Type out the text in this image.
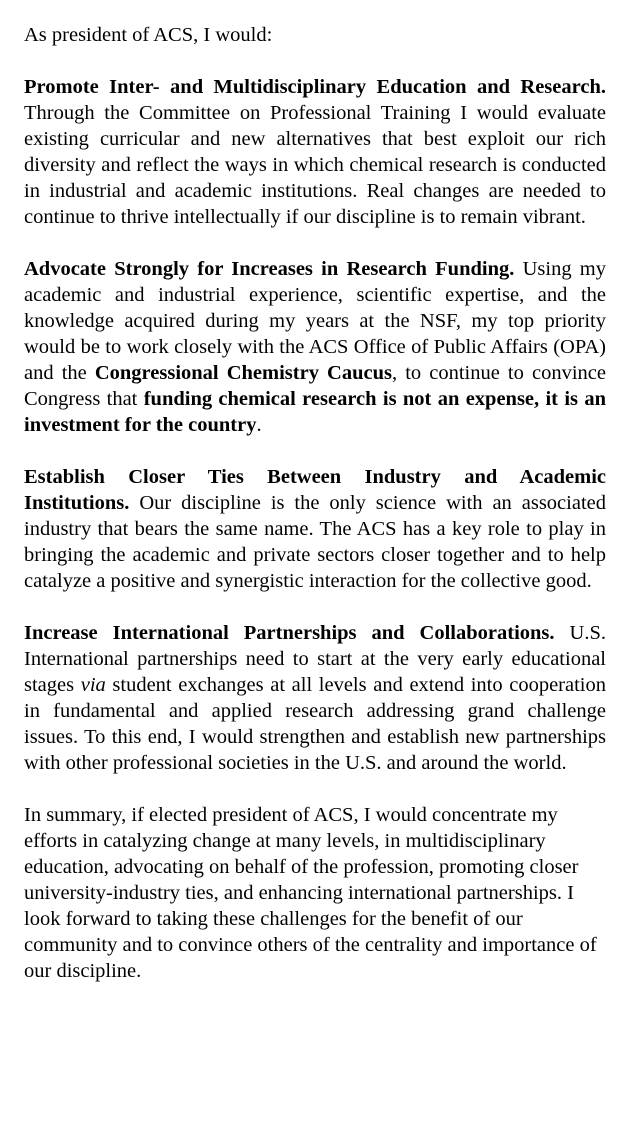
As president of ACS, I would:

Promote Inter- and Multidisciplinary Education and Research. Through the Committee on Professional Training I would evaluate existing curricular and new alternatives that best exploit our rich diversity and reflect the ways in which chemical research is conducted in industrial and academic institutions. Real changes are needed to continue to thrive intellectually if our discipline is to remain vibrant.

Advocate Strongly for Increases in Research Funding. Using my academic and industrial experience, scientific expertise, and the knowledge acquired during my years at the NSF, my top priority would be to work closely with the ACS Office of Public Affairs (OPA) and the Congressional Chemistry Caucus, to continue to convince Congress that funding chemical research is not an expense, it is an investment for the country.

Establish Closer Ties Between Industry and Academic Institutions. Our discipline is the only science with an associated industry that bears the same name. The ACS has a key role to play in bringing the academic and private sectors closer together and to help catalyze a positive and synergistic interaction for the collective good.

Increase International Partnerships and Collaborations. U.S. International partnerships need to start at the very early educational stages via student exchanges at all levels and extend into cooperation in fundamental and applied research addressing grand challenge issues. To this end, I would strengthen and establish new partnerships with other professional societies in the U.S. and around the world.

In summary, if elected president of ACS, I would concentrate my efforts in catalyzing change at many levels, in multidisciplinary education, advocating on behalf of the profession, promoting closer university-industry ties, and enhancing international partnerships. I look forward to taking these challenges for the benefit of our community and to convince others of the centrality and importance of our discipline.
